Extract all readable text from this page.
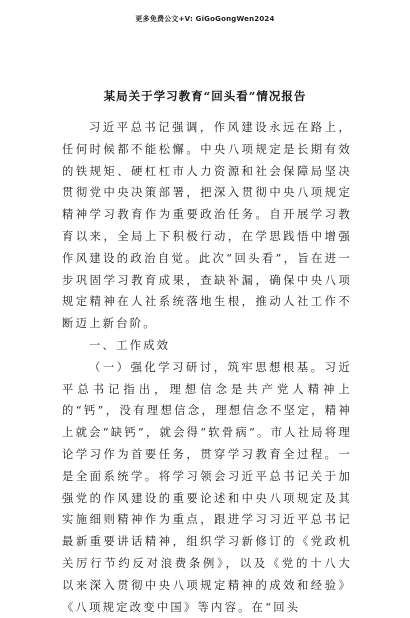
更多免费公文+V: GiGoGongWen2024
某局关于学习教育“回头看”情况报告

习近平总书记强调，作风建设永远在路上，任何时候都不能松懈。中央八项规定是长期有效的铁规矩、硬杠杠市人力资源和社会保障局坚决贯彻党中央决策部署，把深入贯彻中央八项规定精神学习教育作为重要政治任务。自开展学习教育以来，全局上下积极行动，在学思践悟中增强作风建设的政治自觉。此次“回头看”，旨在进一步巩固学习教育成果，查缺补漏，确保中央八项规定精神在人社系统落地生根，推动人社工作不断迈上新台阶。

一、工作成效

（一）强化学习研讨，筑牢思想根基。习近平总书记指出，理想信念是共产党人精神上的“钙”，没有理想信念，理想信念不坚定，精神上就会“缺钙”，就会得“软骨病”。市人社局将理论学习作为首要任务，贯穿学习教育全过程。一是全面系统学。将学习领会习近平总书记关于加强党的作风建设的重要论述和中央八项规定及其实施细则精神作为重点，跟进学习习近平总书记最新重要讲话精神，组织学习新修订的《党政机关厉行节约反对浪费条例》，以及《党的十八大以来深入贯彻中央八项规定精神的成效和经验》《八项规定改变中国》等内容。在“回头
